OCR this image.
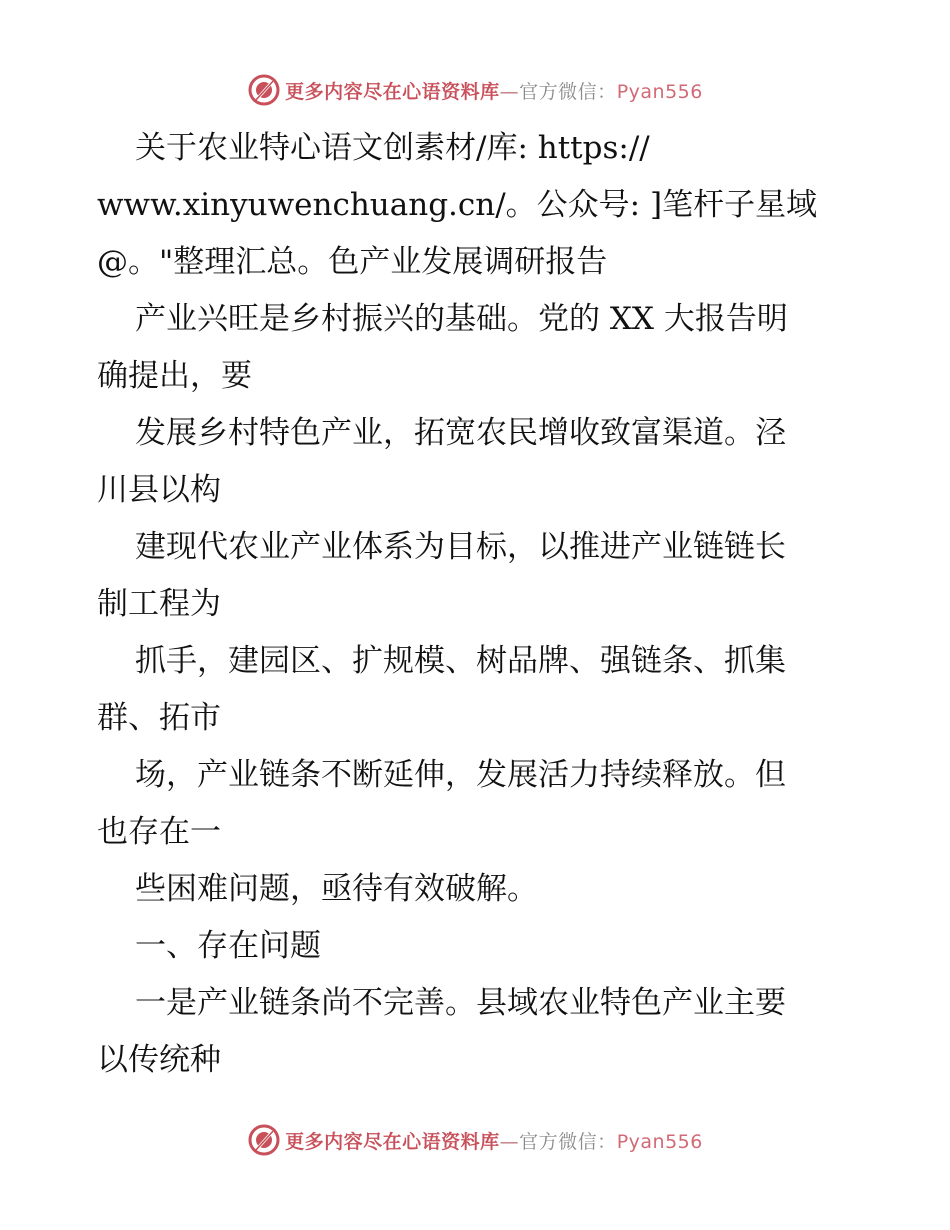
更多内容尽在心语资料库—官方微信：Pyan556
关于农业特心语文创素材/库: https://
www.xinyuwenchuang.cn/。公众号: ]笔杆子星域
@。"整理汇总。色产业发展调研报告
产业兴旺是乡村振兴的基础。党的 XX 大报告明
确提出，要
发展乡村特色产业，拓宽农民增收致富渠道。泾
川县以构
建现代农业产业体系为目标，以推进产业链链长
制工程为
抓手，建园区、扩规模、树品牌、强链条、抓集
群、拓市
场，产业链条不断延伸，发展活力持续释放。但
也存在一
些困难问题，亟待有效破解。
一、存在问题
一是产业链条尚不完善。县域农业特色产业主要
以传统种
更多内容尽在心语资料库—官方微信：Pyan556
